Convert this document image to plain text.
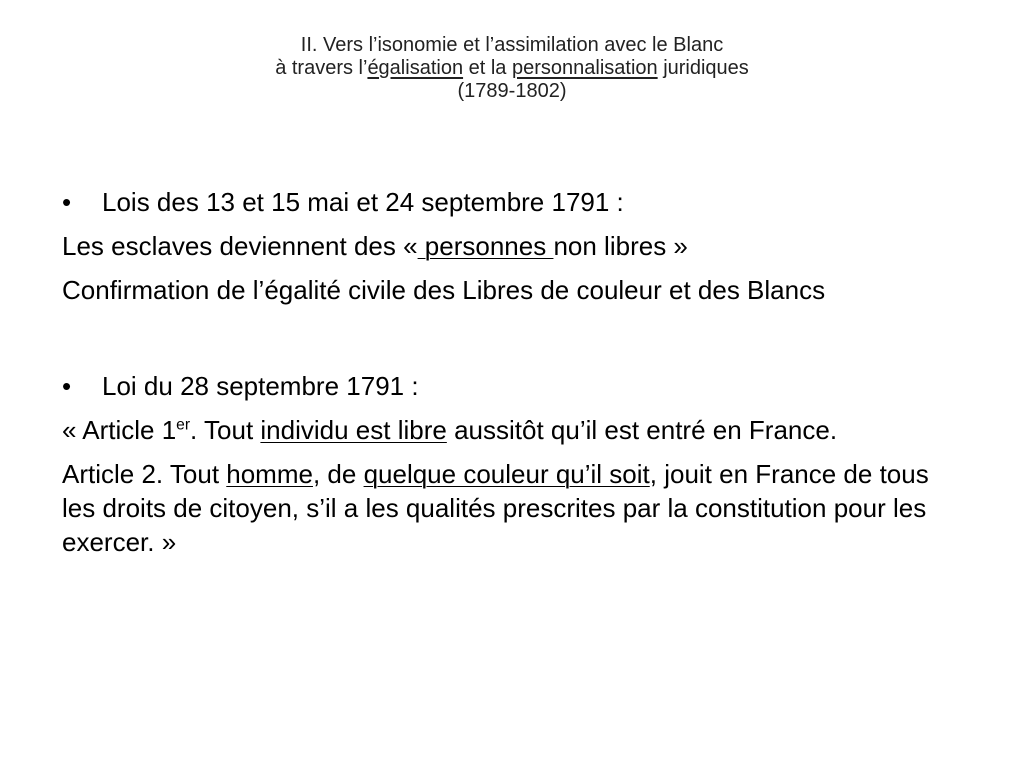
II. Vers l’isonomie et l’assimilation avec le Blanc
à travers l’égalisation et la personnalisation juridiques
(1789-1802)

• Lois des 13 et 15 mai et 24 septembre 1791 :

Les esclaves deviennent des « personnes non libres »

Confirmation de l’égalité civile des Libres de couleur et des Blancs

• Loi du 28 septembre 1791 :

« Article 1er. Tout individu est libre aussitôt qu’il est entré en France.

Article 2. Tout homme, de quelque couleur qu’il soit, jouit en France de tous les droits de citoyen, s’il a les qualités prescrites par la constitution pour les exercer. »
